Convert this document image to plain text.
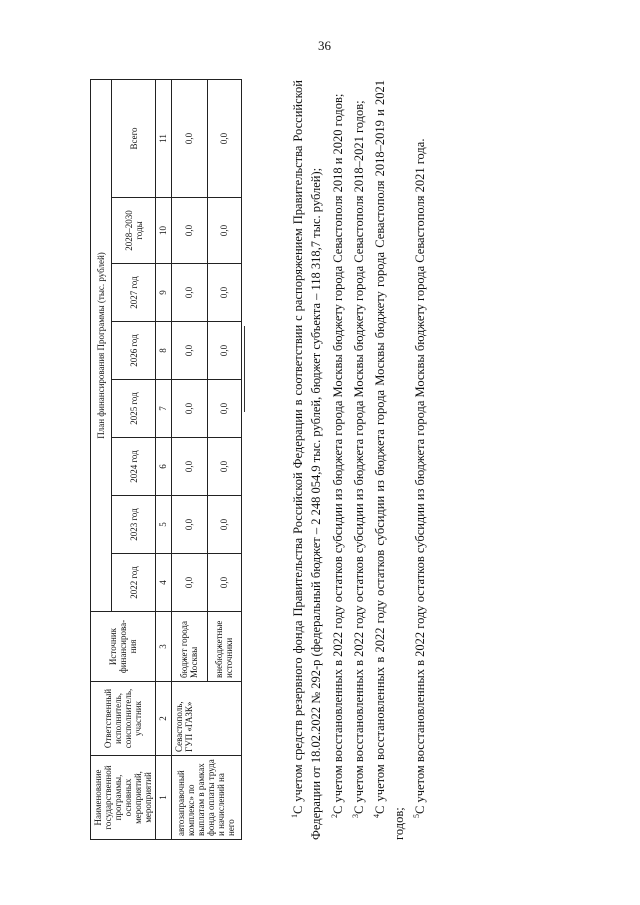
36
Наименование государственной программы, основных мероприятий, мероприятий	Ответственный исполнитель, соисполнитель, участник	Источник финансирова-ния	План финансирования Программы (тыс. рублей)							
			2022 год	2023 год	2024 год	2025 год	2026 год	2027 год	2028–2030 годы	Всего
1	2	3	4	5	6	7	8	9	10	11
автозаправочный комплекс» по выплатам в рамках фонда оплаты труда и начислений на него	Севастополь, ГУП «ГАЗК»	бюджет города Москвы	0,0	0,0	0,0	0,0	0,0	0,0	0,0	0,0
		внебюджетные источники	0,0	0,0	0,0	0,0	0,0	0,0	0,0	0,0

$^1$С учетом средств резервного фонда Правительства Российской Федерации в соответствии с распоряжением Правительства Российской Федерации от 18.02.2022 № 292-р (федеральный бюджет – 2 248 054,9 тыс. рублей, бюджет субъекта – 118 318,7 тыс. рублей); $^2$С учетом восстановленных в 2022 году остатков субсидии из бюджета города Москвы бюджету города Севастополя 2018 и 2020 годов;

$^3$С учетом восстановленных в 2022 году остатков субсидии из бюджета города Москвы бюджету города Севастополя 2018–2021 годов;

$^4$С учетом восстановленных в 2022 году остатков субсидии из бюджета города Москвы бюджету города Севастополя 2018–2019 и 2021 годов; $^5$С учетом восстановленных в 2022 году остатков субсидии из бюджета города Москвы бюджету города Севастополя 2021 года.
